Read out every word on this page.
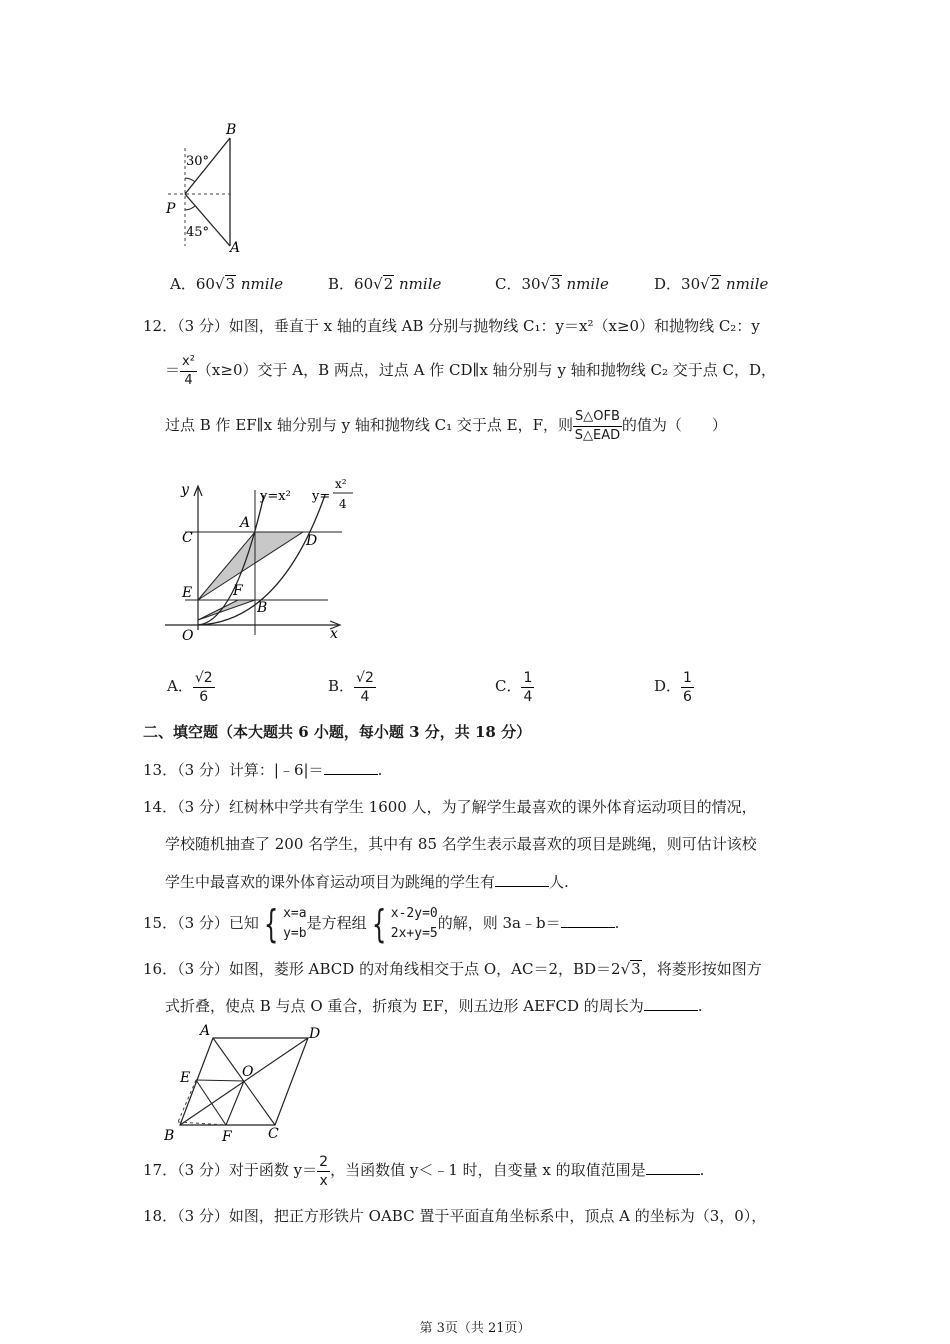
B
P
A
30°
45°
A．60√3 nmile	B．60√2 nmile	C．30√3 nmile	D．30√2 nmile
12．（3 分）如图，垂直于 x 轴的直线 AB 分别与抛物线 C₁：y＝x²（x≥0）和抛物线 C₂：y
＝ $\frac{\text{x²}}{4} (x\ge 0)$交于 A，B 两点，过点 A 作 CD∥x 轴分别与 y 轴和抛物线 C₂ 交于点 C，D，
过点 B 作 EF∥x 轴分别与 y 轴和抛物线 C₁ 交于点 E，F，则 $\frac{\text{S△OFB}}{\text{S△EAD}}$ 的值为（　　）
y
x
O
C
E
A
D
F
B
y=x² y=
x²
4
A． $\frac{√2}{6}$	B． $\frac{√2}{4}$	C． $\frac{1}{4}$	D． $\frac{1}{6}$
二、填空题（本大题共 6 小题，每小题 3 分，共 18 分）
13．（3 分）计算：|﹣6|＝	.
14．（3 分）红树林中学共有学生 1600 人，为了解学生最喜欢的课外体育运动项目的情况，
学校随机抽查了 200 名学生，其中有 85 名学生表示最喜欢的项目是跳绳，则可估计该校
学生中最喜欢的课外体育运动项目为跳绳的学生有	人.
15．（3 分）已知 { x=a
y=b
是方程组 { x-2y=0
2x+y=5
的解，则 3a﹣b＝	.
16．（3 分）如图，菱形 ABCD 的对角线相交于点 O，AC＝2，BD＝2√3，将菱形按如图方
式折叠，使点 B 与点 O 重合，折痕为 EF，则五边形 AEFCD 的周长为	.
A	D
E	O
B	F	C
17．（3 分）对于函数 $y= \frac{2}{x}$ ，当函数值 y＜﹣1 时，自变量 x 的取值范围是	.
18．（3 分）如图，把正方形铁片 OABC 置于平面直角坐标系中，顶点 A 的坐标为（3，0），
第 3页（共 21页）
